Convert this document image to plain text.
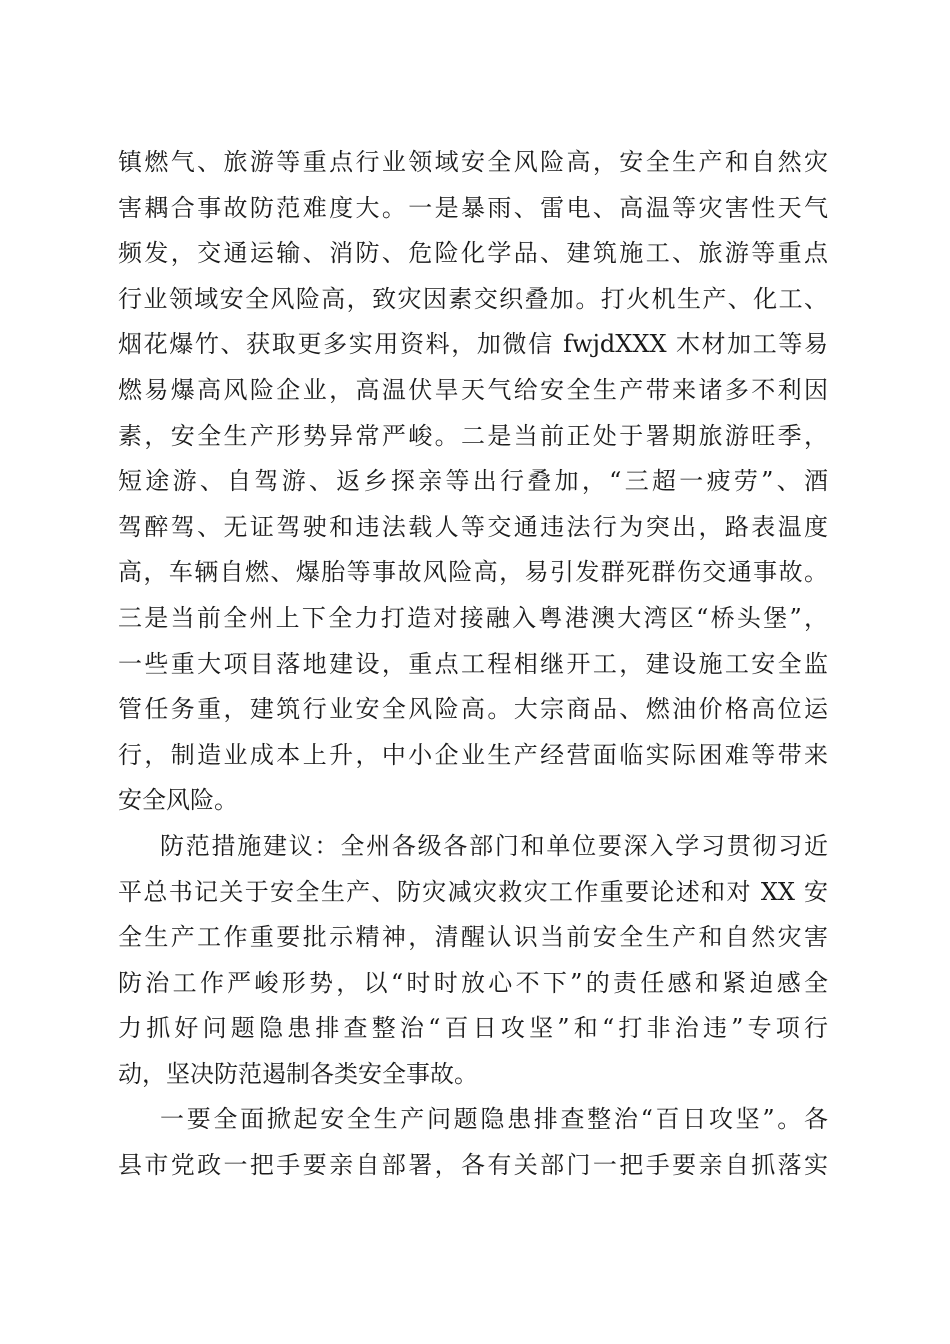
镇燃气、旅游等重点行业领域安全风险高，安全生产和自然灾
害耦合事故防范难度大。一是暴雨、雷电、高温等灾害性天气
频发，交通运输、消防、危险化学品、建筑施工、旅游等重点
行业领域安全风险高，致灾因素交织叠加。打火机生产、化工、
烟花爆竹、获取更多实用资料，加微信 fwjdXXX 木材加工等易
燃易爆高风险企业，高温伏旱天气给安全生产带来诸多不利因
素，安全生产形势异常严峻。二是当前正处于署期旅游旺季，
短途游、自驾游、返乡探亲等出行叠加，“三超一疲劳”、酒
驾醉驾、无证驾驶和违法载人等交通违法行为突出，路表温度
高，车辆自燃、爆胎等事故风险高，易引发群死群伤交通事故。
三是当前全州上下全力打造对接融入粤港澳大湾区“桥头堡”，
一些重大项目落地建设，重点工程相继开工，建设施工安全监
管任务重，建筑行业安全风险高。大宗商品、燃油价格高位运
行，制造业成本上升，中小企业生产经营面临实际困难等带来
安全风险。
防范措施建议：全州各级各部门和单位要深入学习贯彻习近
平总书记关于安全生产、防灾减灾救灾工作重要论述和对 XX 安
全生产工作重要批示精神，清醒认识当前安全生产和自然灾害
防治工作严峻形势，以“时时放心不下”的责任感和紧迫感全
力抓好问题隐患排查整治“百日攻坚”和“打非治违”专项行
动，坚决防范遏制各类安全事故。
一要全面掀起安全生产问题隐患排查整治“百日攻坚”。各
县市党政一把手要亲自部署，各有关部门一把手要亲自抓落实
